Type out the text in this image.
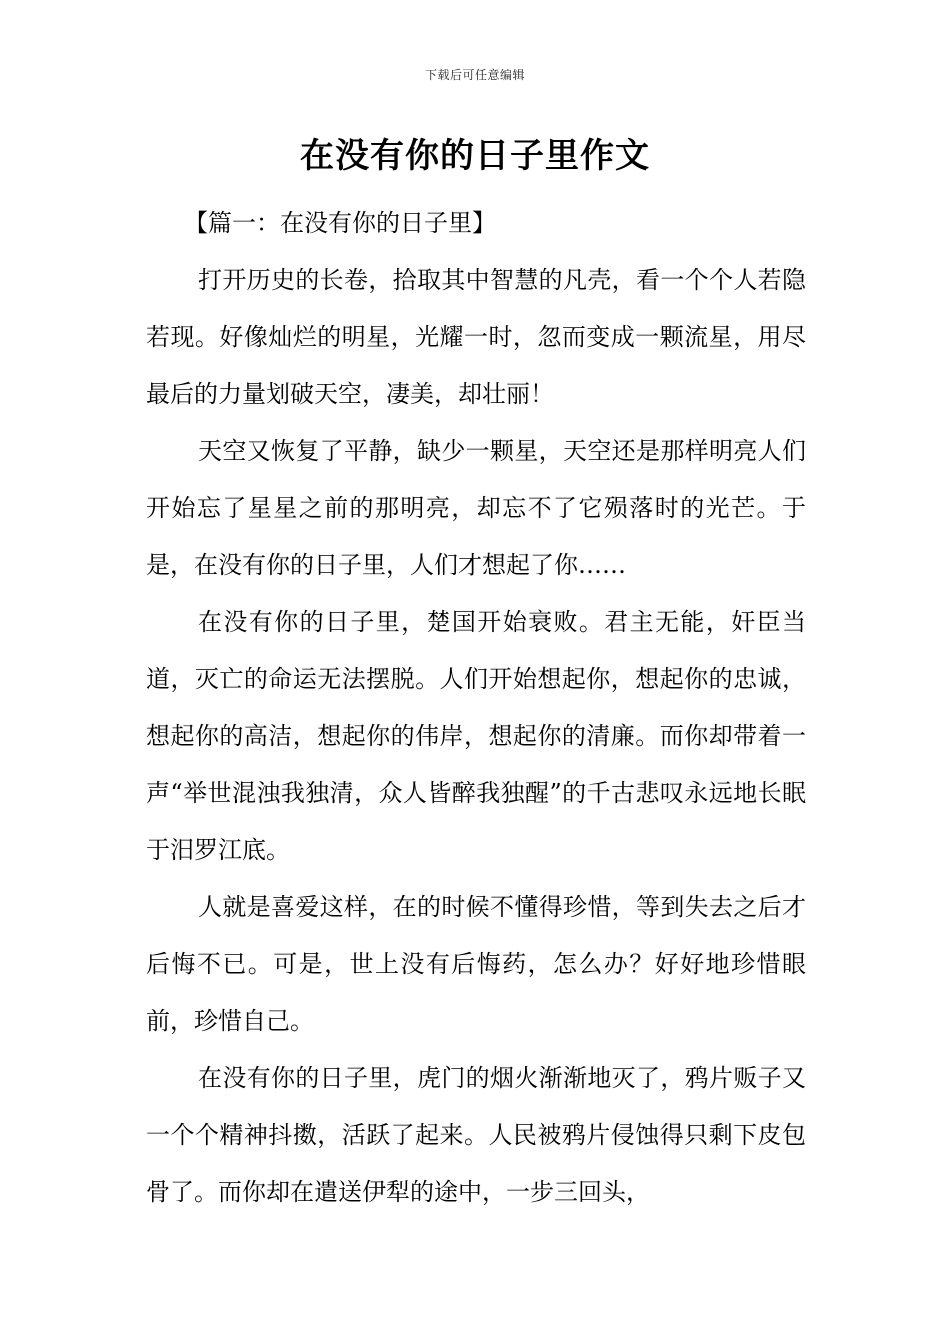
下载后可任意编辑
在没有你的日子里作文
【篇一：在没有你的日子里】

打开历史的长卷，拾取其中智慧的凡壳，看一个个人若隐若现。好像灿烂的明星，光耀一时，忽而变成一颗流星，用尽最后的力量划破天空，凄美，却壮丽！

天空又恢复了平静，缺少一颗星，天空还是那样明亮人们开始忘了星星之前的那明亮，却忘不了它殒落时的光芒。于是，在没有你的日子里，人们才想起了你……

在没有你的日子里，楚国开始衰败。君主无能，奸臣当道，灭亡的命运无法摆脱。人们开始想起你，想起你的忠诚，想起你的高洁，想起你的伟岸，想起你的清廉。而你却带着一声“举世混浊我独清，众人皆醉我独醒”的千古悲叹永远地长眠于汨罗江底。

人就是喜爱这样，在的时候不懂得珍惜，等到失去之后才后悔不已。可是，世上没有后悔药，怎么办？好好地珍惜眼前，珍惜自己。

在没有你的日子里，虎门的烟火渐渐地灭了，鸦片贩子又一个个精神抖擞，活跃了起来。人民被鸦片侵蚀得只剩下皮包骨了。而你却在遣送伊犁的途中，一步三回头，
